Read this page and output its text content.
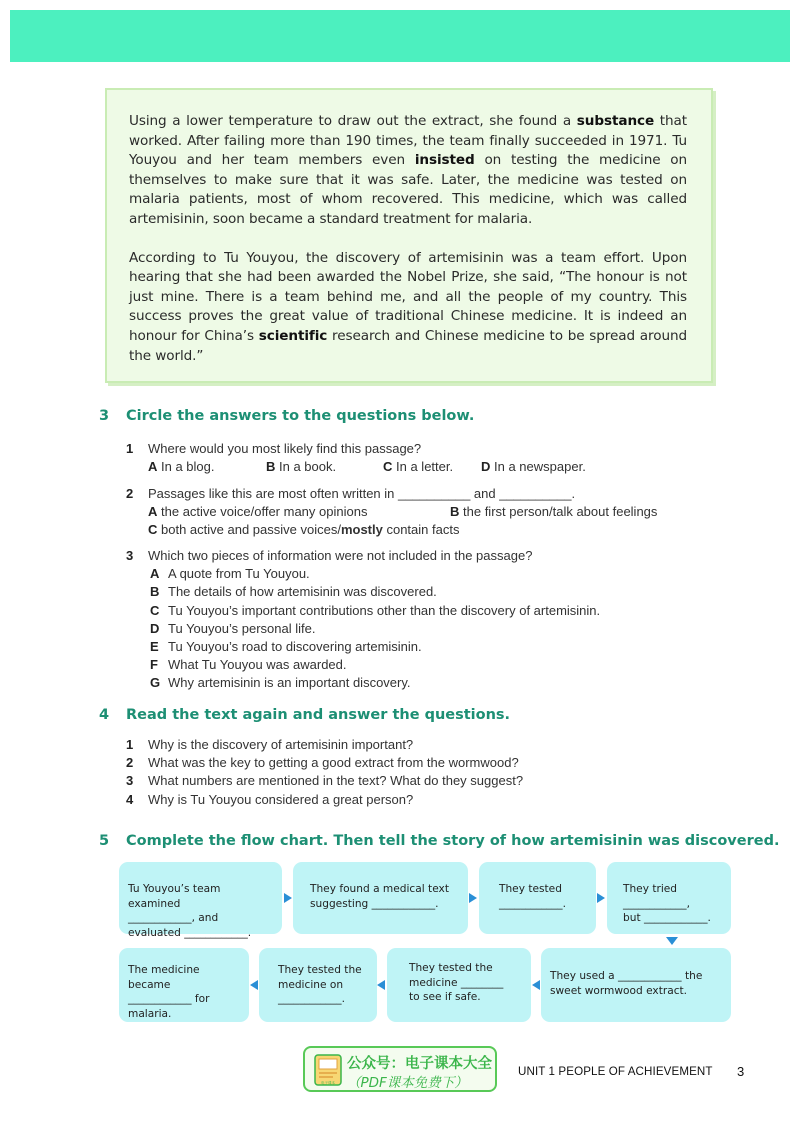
Using a lower temperature to draw out the extract, she found a substance that worked. After failing more than 190 times, the team finally succeeded in 1971. Tu Youyou and her team members even insisted on testing the medicine on themselves to make sure that it was safe. Later, the medicine was tested on malaria patients, most of whom recovered. This medicine, which was called artemisinin, soon became a standard treatment for malaria.

According to Tu Youyou, the discovery of artemisinin was a team effort. Upon hearing that she had been awarded the Nobel Prize, she said, “The honour is not just mine. There is a team behind me, and all the people of my country. This success proves the great value of traditional Chinese medicine. It is indeed an honour for China’s scientific research and Chinese medicine to be spread around the world.”

3 Circle the answers to the questions below.
1 Where would you most likely find this passage?
A In a blog.	B In a book.	C In a letter. D In a newspaper.
2 Passages like this are most often written in __________ and __________.
A the active voice/offer many opinions	B the first person/talk about feelings
C both active and passive voices/mostly contain facts
3 Which two pieces of information were not included in the passage?
A A quote from Tu Youyou.
B The details of how artemisinin was discovered.
C Tu Youyou’s important contributions other than the discovery of artemisinin.
D Tu Youyou’s personal life.
E Tu Youyou’s road to discovering artemisinin.
F What Tu Youyou was awarded.
G Why artemisinin is an important discovery.
4 Read the text again and answer the questions.
1 Why is the discovery of artemisinin important?
2 What was the key to getting a good extract from the wormwood?
3 What numbers are mentioned in the text? What do they suggest?
4 Why is Tu Youyou considered a great person?
5 Complete the flow chart. Then tell the story of how artemisinin was discovered.
Tu Youyou’s team examined
____________, and
evaluated ____________.
They found a medical text
suggesting ____________.
They tested
____________.
They tried
____________,
but ____________.
They used a ____________ the
sweet wormwood extract.
They tested the
medicine ________
to see if safe.
They tested the
medicine on
____________.
The medicine became
____________ for
malaria.
电子课本
公众号：电子课本大全
（PDF课本免费下）
UNIT 1 PEOPLE OF ACHIEVEMENT 3
